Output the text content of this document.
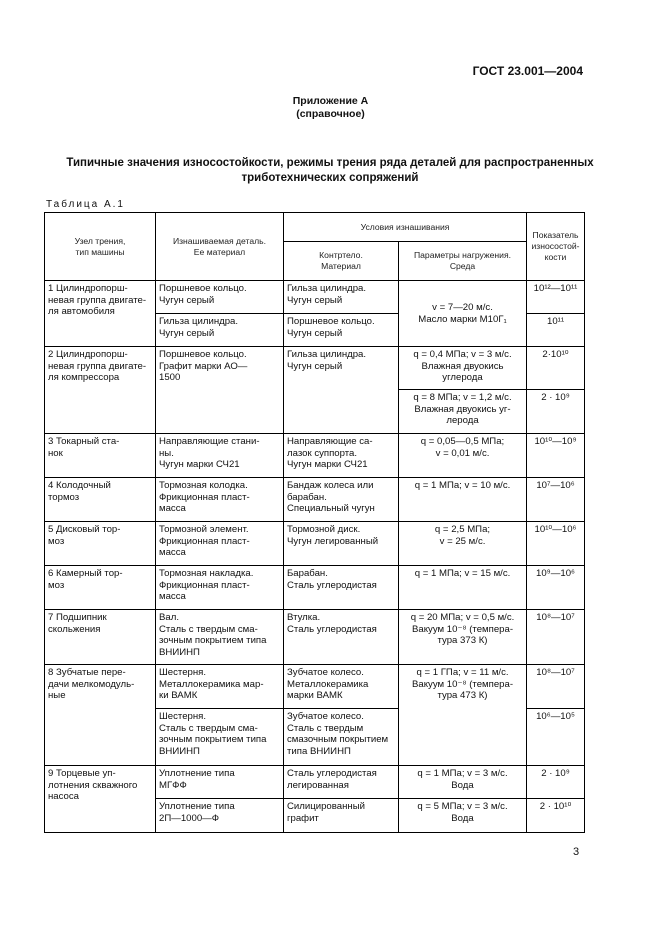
ГОСТ 23.001—2004
Приложение А
(справочное)
Типичные значения износостойкости, режимы трения ряда деталей для распространенных
триботехнических сопряжений
Таблица А.1
Узел трения,
тип машины	Изнашиваемая деталь.
Ее материал	Условия изнашивания		Показатель
износостой-
кости

		Контртело.
Материал	Параметры нагружения.
Среда	

1 Цилиндропорш-
невая группа двигате-
ля автомобиля	Поршневое кольцо.
Чугун серый	Гильза цилиндра.
Чугун серый	v = 7—20 м/с.
Масло марки М10Г₁	10¹²—10¹¹

	Гильза цилиндра.
Чугун серый	Поршневое кольцо.
Чугун серый		10¹¹

2 Цилиндропорш-
невая группа двигате-
ля компрессора	Поршневое кольцо.
Графит марки АО—
1500	Гильза цилиндра.
Чугун серый	q = 0,4 МПа; v = 3 м/с.
Влажная двуокись
углерода	2·10¹⁰

			q = 8 МПа; v = 1,2 м/с.
Влажная двуокись уг-
лерода	2 · 10⁹

3 Токарный ста-
нок	Направляющие стани-
ны.
Чугун марки СЧ21	Направляющие са-
лазок суппорта.
Чугун марки СЧ21	q = 0,05—0,5 МПа;
v = 0,01 м/с.	10¹⁰—10⁹

4 Колодочный
тормоз	Тормозная колодка.
Фрикционная пласт-
масса	Бандаж колеса или
барабан.
Специальный чугун	q = 1 МПа; v = 10 м/с.	10⁷—10⁶

5 Дисковый тор-
моз	Тормозной элемент.
Фрикционная пласт-
масса	Тормозной диск.
Чугун легированный	q = 2,5 МПа;
v = 25 м/с.	10¹⁰—10⁶

6 Камерный тор-
моз	Тормозная накладка.
Фрикционная пласт-
масса	Барабан.
Сталь углеродистая	q = 1 МПа; v = 15 м/с.	10⁹—10⁶

7 Подшипник
скольжения	Вал.
Сталь с твердым сма-
зочным покрытием типа
ВНИИНП	Втулка.
Сталь углеродистая	q = 20 МПа; v = 0,5 м/с.
Вакуум 10⁻⁸ (темпера-
тура 373 К)	10⁸—10⁷

8 Зубчатые пере-
дачи мелкомодуль-
ные	Шестерня.
Металлокерамика мар-
ки ВАМК	Зубчатое колесо.
Металлокерамика
марки ВАМК	q = 1 ГПа; v = 11 м/с.
Вакуум 10⁻⁸ (темпера-
тура 473 К)	10⁸—10⁷

	Шестерня.
Сталь с твердым сма-
зочным покрытием типа
ВНИИНП	Зубчатое колесо.
Сталь с твердым
смазочным покрытием
типа ВНИИНП		10⁶—10⁵

9 Торцевые уп-
лотнения скважного
насоса	Уплотнение типа
МГФФ	Сталь углеродистая
легированная	q = 1 МПа; v = 3 м/с.
Вода	2 · 10⁹

	Уплотнение типа
2П—1000—Ф	Силицированный
графит	q = 5 МПа; v = 3 м/с.
Вода	2 · 10¹⁰
3
